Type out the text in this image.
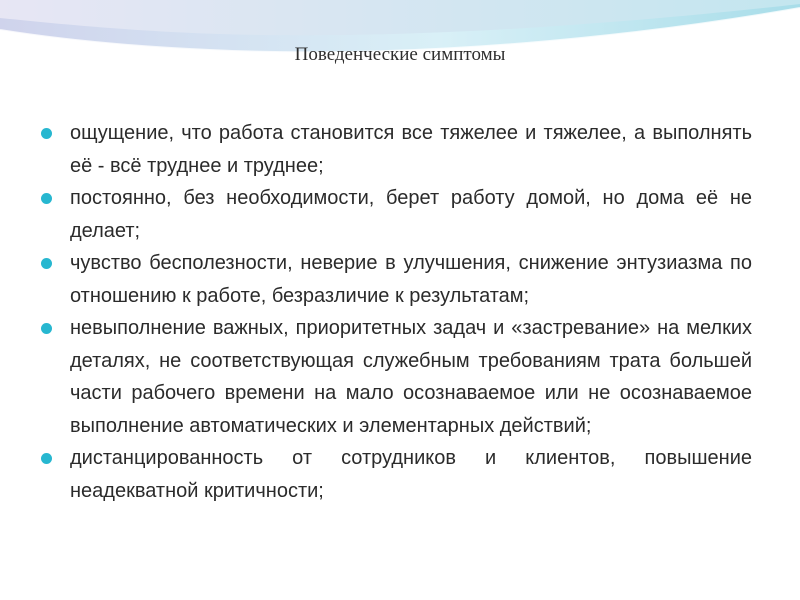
Поведенческие симптомы
ощущение, что работа становится все тяжелее и тяжелее, а выполнять её - всё труднее и труднее;
постоянно, без необходимости, берет работу домой, но дома её не делает;
чувство бесполезности, неверие в улучшения, снижение энтузиазма по отношению к работе, безразличие к результатам;
невыполнение важных, приоритетных задач и «застревание» на мелких деталях, не соответствующая служебным требованиям трата большей части рабочего времени на мало осознаваемое или не осознаваемое выполнение автоматических и элементарных действий;
дистанцированность от сотрудников и клиентов, повышение неадекватной критичности;
